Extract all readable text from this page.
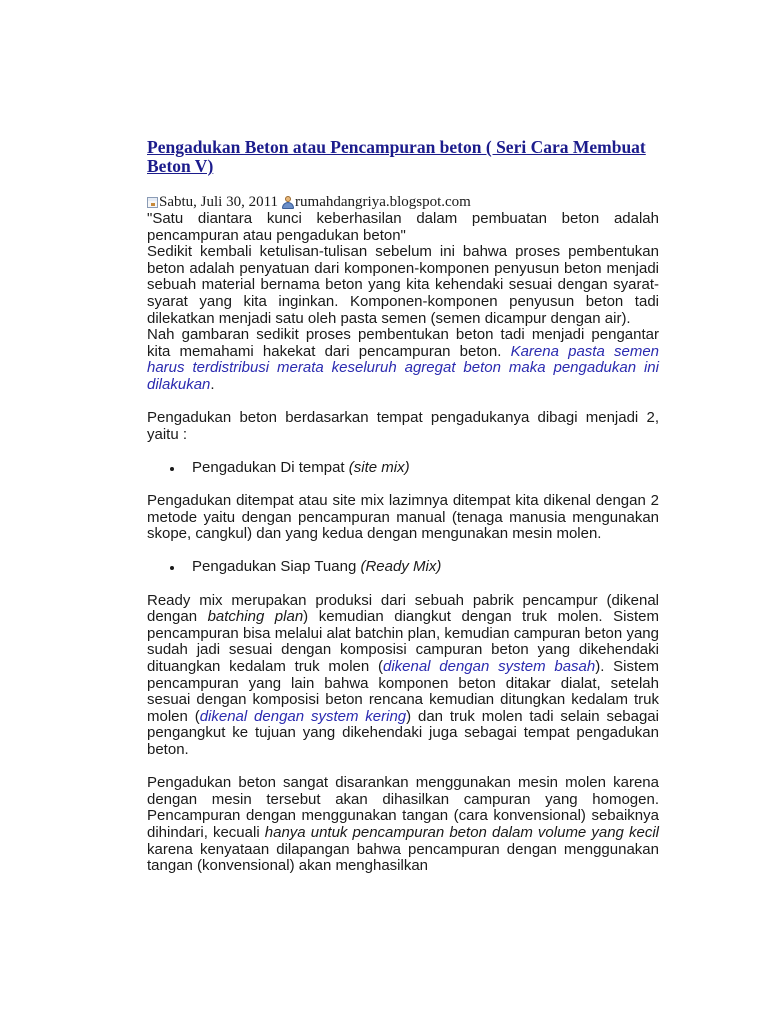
Pengadukan Beton atau Pencampuran beton ( Seri Cara Membuat Beton V)
Sabtu, Juli 30, 2011 rumahdangriya.blogspot.com

"Satu diantara kunci keberhasilan dalam pembuatan beton adalah pencampuran atau pengadukan beton"

Sedikit kembali ketulisan-tulisan sebelum ini bahwa proses pembentukan beton adalah penyatuan dari komponen-komponen penyusun beton menjadi sebuah material bernama beton yang kita kehendaki sesuai dengan syarat-syarat yang kita inginkan. Komponen-komponen penyusun beton tadi dilekatkan menjadi satu oleh pasta semen (semen dicampur dengan air).

Nah gambaran sedikit proses pembentukan beton tadi menjadi pengantar kita memahami hakekat dari pencampuran beton. Karena pasta semen harus terdistribusi merata keseluruh agregat beton maka pengadukan ini dilakukan.

Pengadukan beton berdasarkan tempat pengadukanya dibagi menjadi 2, yaitu :

Pengadukan Di tempat (site mix)

Pengadukan ditempat atau site mix lazimnya ditempat kita dikenal dengan 2 metode yaitu dengan pencampuran manual (tenaga manusia mengunakan skope, cangkul) dan yang kedua dengan mengunakan mesin molen.

Pengadukan Siap Tuang (Ready Mix)

Ready mix merupakan produksi dari sebuah pabrik pencampur (dikenal dengan batching plan) kemudian diangkut dengan truk molen. Sistem pencampuran bisa melalui alat batchin plan, kemudian campuran beton yang sudah jadi sesuai dengan komposisi campuran beton yang dikehendaki dituangkan kedalam truk molen (dikenal dengan system basah). Sistem pencampuran yang lain bahwa komponen beton ditakar dialat, setelah sesuai dengan komposisi beton rencana kemudian ditungkan kedalam truk molen (dikenal dengan system kering) dan truk molen tadi selain sebagai pengangkut ke tujuan yang dikehendaki juga sebagai tempat pengadukan beton.

Pengadukan beton sangat disarankan menggunakan mesin molen karena dengan mesin tersebut akan dihasilkan campuran yang homogen. Pencampuran dengan menggunakan tangan (cara konvensional) sebaiknya dihindari, kecuali hanya untuk pencampuran beton dalam volume yang kecil karena kenyataan dilapangan bahwa pencampuran dengan menggunakan tangan (konvensional) akan menghasilkan
